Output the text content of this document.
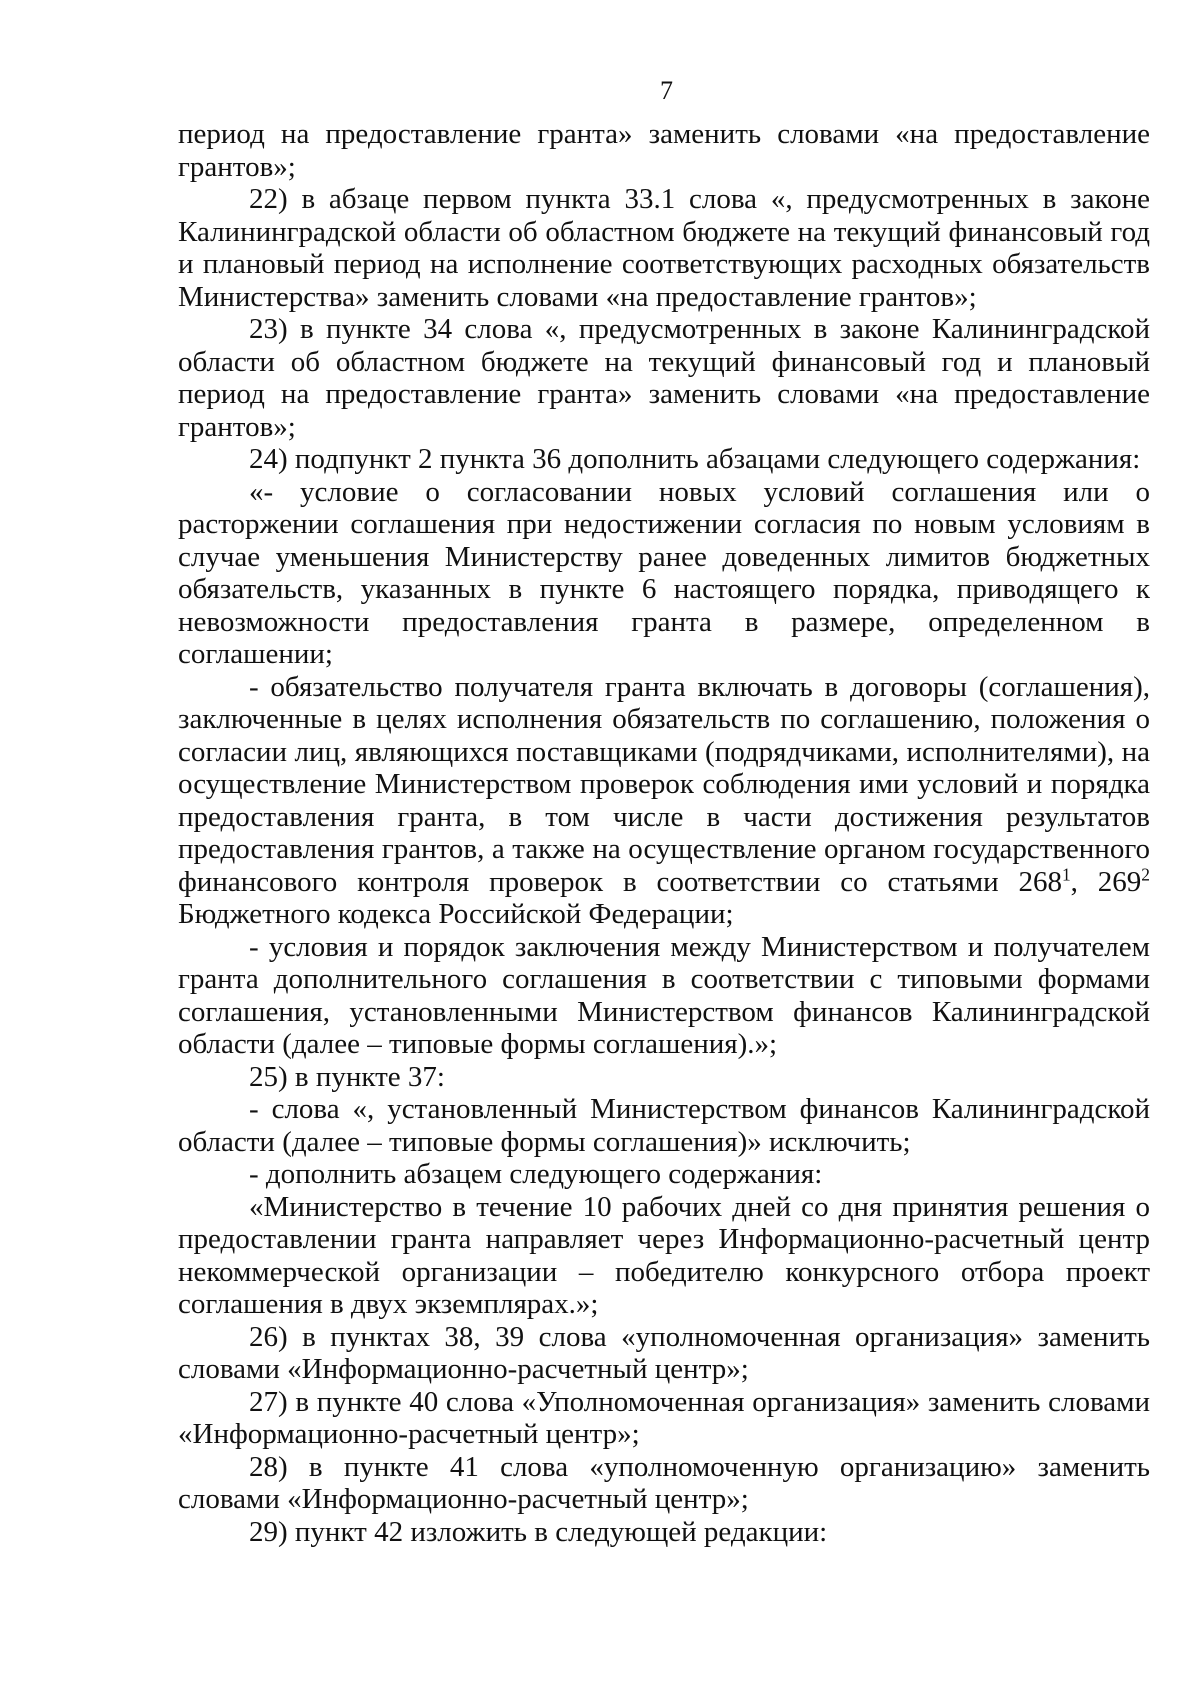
7

период на предоставление гранта» заменить словами «на предоставление грантов»;

22) в абзаце первом пункта 33.1 слова «, предусмотренных в законе Калининградской области об областном бюджете на текущий финансовый год и плановый период на исполнение соответствующих расходных обязательств Министерства» заменить словами «на предоставление грантов»;

23) в пункте 34 слова «, предусмотренных в законе Калининградской области об областном бюджете на текущий финансовый год и плановый период на предоставление гранта» заменить словами «на предоставление грантов»;

24) подпункт 2 пункта 36 дополнить абзацами следующего содержания:

«- условие о согласовании новых условий соглашения или о расторжении соглашения при недостижении согласия по новым условиям в случае уменьшения Министерству ранее доведенных лимитов бюджетных обязательств, указанных в пункте 6 настоящего порядка, приводящего к невозможности предоставления гранта в размере, определенном в соглашении;

- обязательство получателя гранта включать в договоры (соглашения), заключенные в целях исполнения обязательств по соглашению, положения о согласии лиц, являющихся поставщиками (подрядчиками, исполнителями), на осуществление Министерством проверок соблюдения ими условий и порядка предоставления гранта, в том числе в части достижения результатов предоставления грантов, а также на осуществление органом государственного финансового контроля проверок в соответствии со статьями $268^1$, $269^2$ Бюджетного кодекса Российской Федерации;

- условия и порядок заключения между Министерством и получателем гранта дополнительного соглашения в соответствии с типовыми формами соглашения, установленными Министерством финансов Калининградской области (далее – типовые формы соглашения).»;

25) в пункте 37:

- слова «, установленный Министерством финансов Калининградской области (далее – типовые формы соглашения)» исключить;

- дополнить абзацем следующего содержания:

«Министерство в течение 10 рабочих дней со дня принятия решения о предоставлении гранта направляет через Информационно-расчетный центр некоммерческой организации – победителю конкурсного отбора проект соглашения в двух экземплярах.»;

26) в пунктах 38, 39 слова «уполномоченная организация» заменить словами «Информационно-расчетный центр»;

27) в пункте 40 слова «Уполномоченная организация» заменить словами «Информационно-расчетный центр»;

28) в пункте 41 слова «уполномоченную организацию» заменить словами «Информационно-расчетный центр»;

29) пункт 42 изложить в следующей редакции:
